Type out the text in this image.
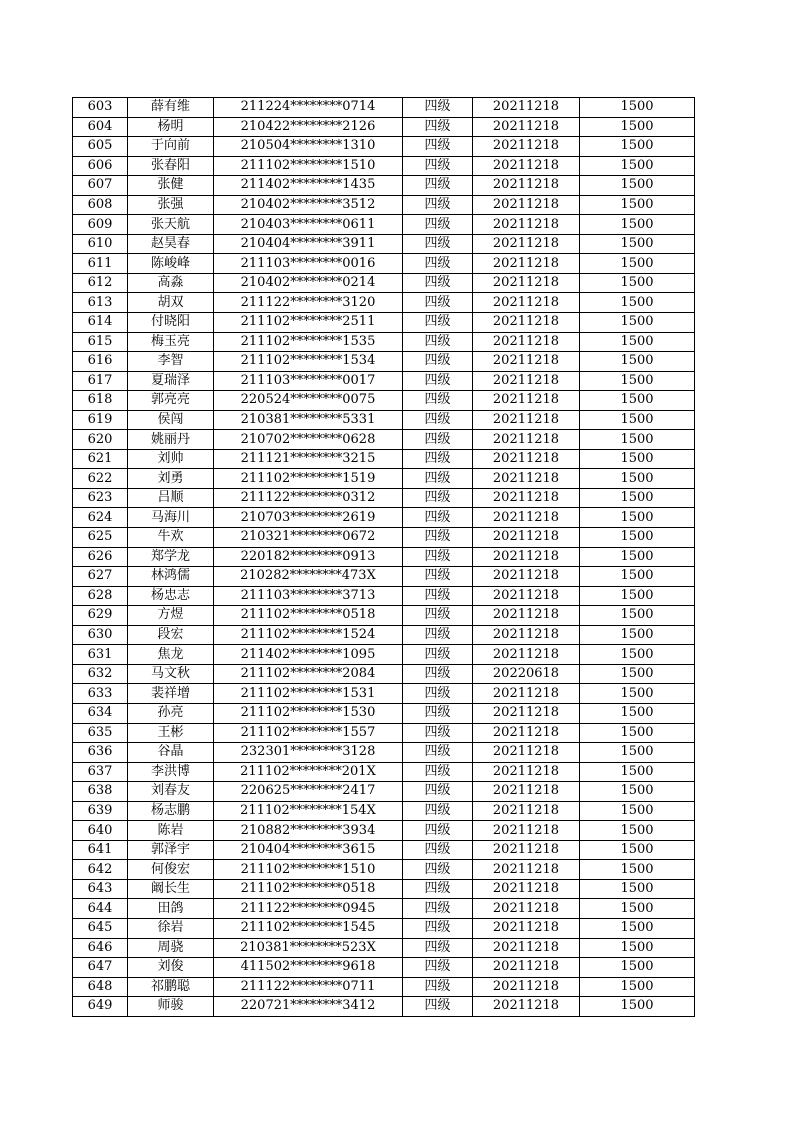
603	薛有维	211224********0714	四级	20211218	1500
604	杨明	210422********2126	四级	20211218	1500
605	于向前	210504********1310	四级	20211218	1500
606	张春阳	211102********1510	四级	20211218	1500
607	张健	211402********1435	四级	20211218	1500
608	张强	210402********3512	四级	20211218	1500
609	张天航	210403********0611	四级	20211218	1500
610	赵昊春	210404********3911	四级	20211218	1500
611	陈峻峰	211103********0016	四级	20211218	1500
612	高淼	210402********0214	四级	20211218	1500
613	胡双	211122********3120	四级	20211218	1500
614	付晓阳	211102********2511	四级	20211218	1500
615	梅玉亮	211102********1535	四级	20211218	1500
616	李智	211102********1534	四级	20211218	1500
617	夏瑞泽	211103********0017	四级	20211218	1500
618	郭亮亮	220524********0075	四级	20211218	1500
619	侯闯	210381********5331	四级	20211218	1500
620	姚丽丹	210702********0628	四级	20211218	1500
621	刘帅	211121********3215	四级	20211218	1500
622	刘勇	211102********1519	四级	20211218	1500
623	吕顺	211122********0312	四级	20211218	1500
624	马海川	210703********2619	四级	20211218	1500
625	牛欢	210321********0672	四级	20211218	1500
626	郑学龙	220182********0913	四级	20211218	1500
627	林鸿儒	210282********473X	四级	20211218	1500
628	杨忠志	211103********3713	四级	20211218	1500
629	方煜	211102********0518	四级	20211218	1500
630	段宏	211102********1524	四级	20211218	1500
631	焦龙	211402********1095	四级	20211218	1500
632	马文秋	211102********2084	四级	20220618	1500
633	裴祥增	211102********1531	四级	20211218	1500
634	孙亮	211102********1530	四级	20211218	1500
635	王彬	211102********1557	四级	20211218	1500
636	谷晶	232301********3128	四级	20211218	1500
637	李洪博	211102********201X	四级	20211218	1500
638	刘春友	220625********2417	四级	20211218	1500
639	杨志鹏	211102********154X	四级	20211218	1500
640	陈岩	210882********3934	四级	20211218	1500
641	郭泽宇	210404********3615	四级	20211218	1500
642	何俊宏	211102********1510	四级	20211218	1500
643	阚长生	211102********0518	四级	20211218	1500
644	田鸽	211122********0945	四级	20211218	1500
645	徐岩	211102********1545	四级	20211218	1500
646	周骁	210381********523X	四级	20211218	1500
647	刘俊	411502********9618	四级	20211218	1500
648	祁鹏聪	211122********0711	四级	20211218	1500
649	师骏	220721********3412	四级	20211218	1500
